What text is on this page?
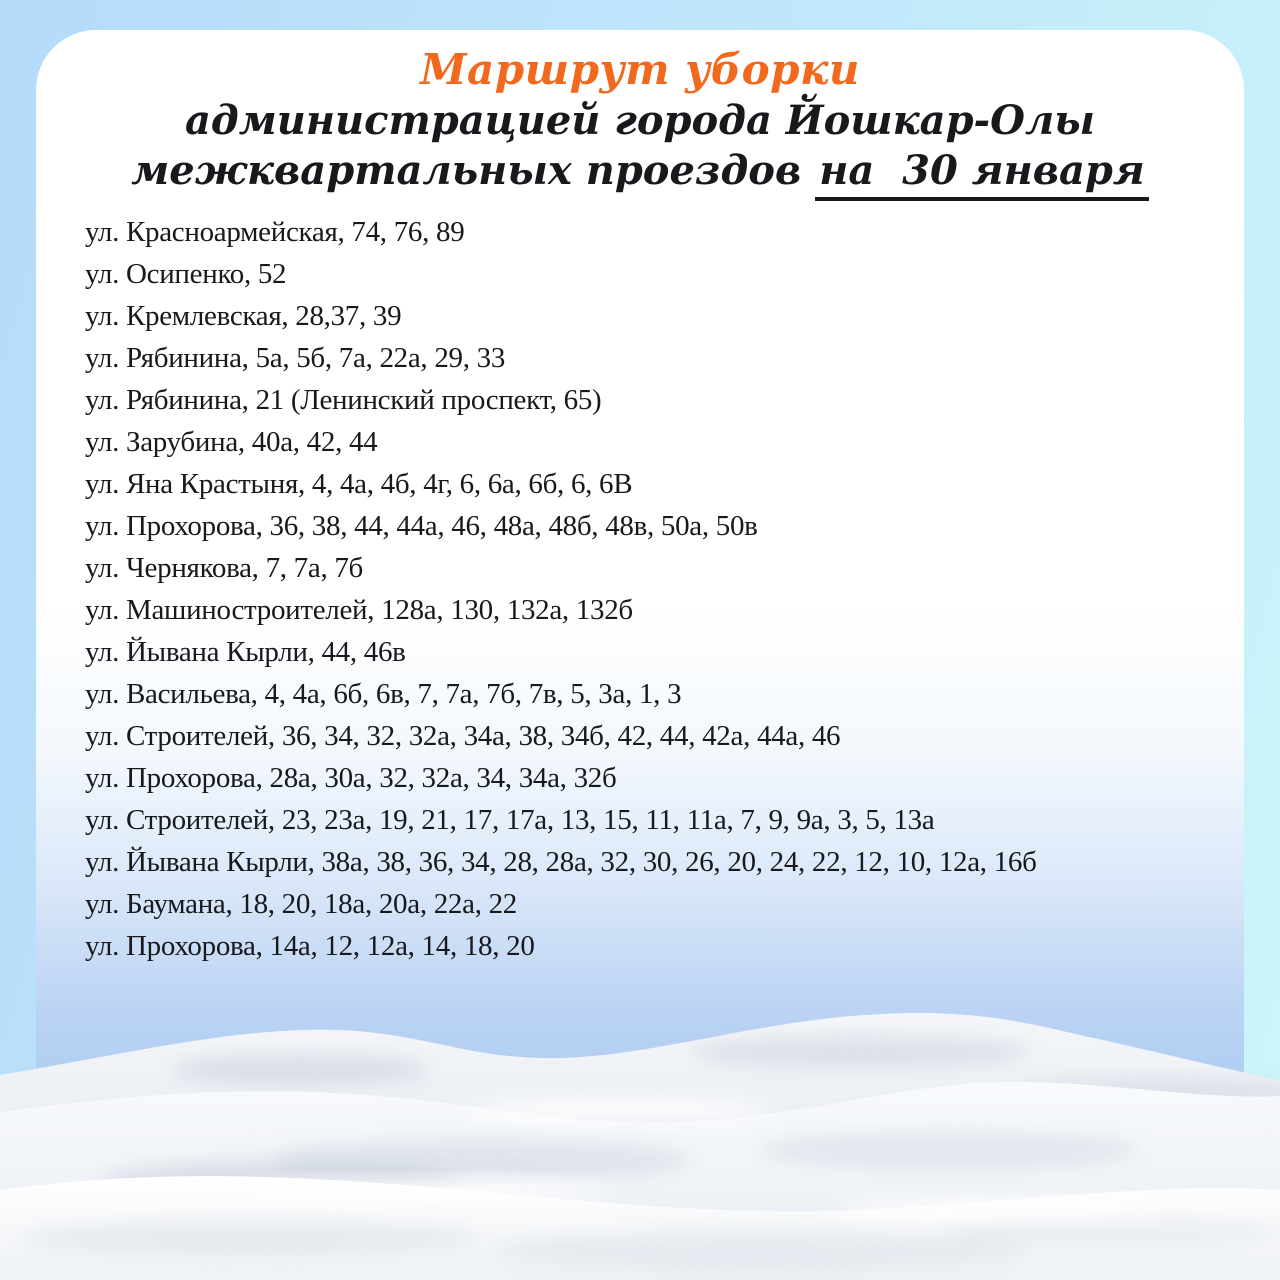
Маршрут уборки
администрацией города Йошкар-Олы
межквартальных проездов на  30 января
ул. Красноармейская, 74, 76, 89
ул. Осипенко, 52
ул. Кремлевская, 28,37, 39
ул. Рябинина, 5а, 5б, 7а, 22а, 29, 33
ул. Рябинина, 21 (Ленинский проспект, 65)
ул. Зарубина, 40а, 42, 44
ул. Яна Крастыня, 4, 4а, 4б, 4г, 6, 6а, 6б, 6, 6В
ул. Прохорова, 36, 38, 44, 44а, 46, 48а, 48б, 48в, 50а, 50в
ул. Чернякова, 7, 7а, 7б
ул. Машиностроителей, 128а, 130, 132а, 132б
ул. Йывана Кырли, 44, 46в
ул. Васильева, 4, 4а, 6б, 6в, 7, 7а, 7б, 7в, 5, 3а, 1, 3
ул. Строителей, 36, 34, 32, 32а, 34а, 38, 34б, 42, 44, 42а, 44а, 46
ул. Прохорова, 28а, 30а, 32, 32а, 34, 34а, 32б
ул. Строителей, 23, 23а, 19, 21, 17, 17а, 13, 15, 11, 11а, 7, 9, 9а, 3, 5, 13а
ул. Йывана Кырли, 38а, 38, 36, 34, 28, 28а, 32, 30, 26, 20, 24, 22, 12, 10, 12а, 16б
ул. Баумана, 18, 20, 18а, 20а, 22а, 22
ул. Прохорова, 14а, 12, 12а, 14, 18, 20
